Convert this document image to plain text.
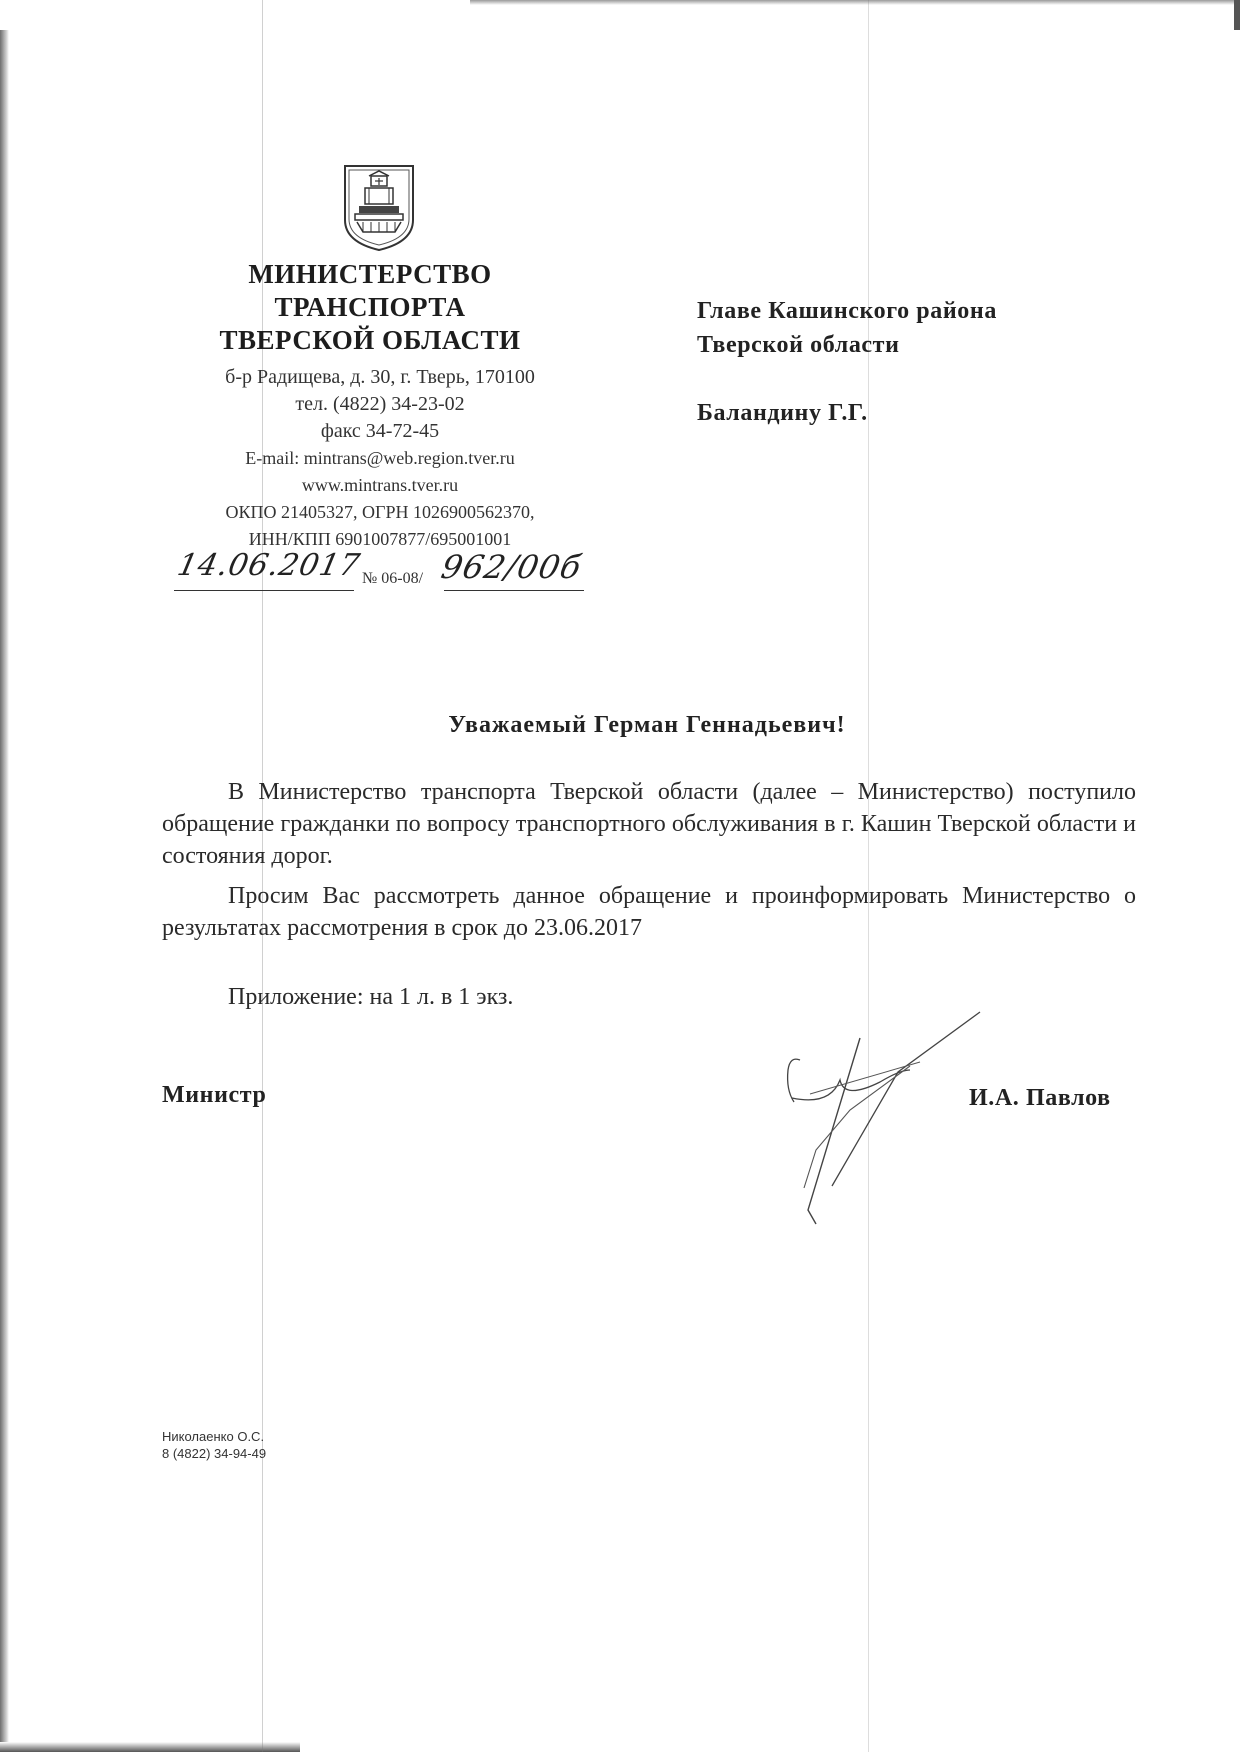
МИНИСТЕРСТВО
ТРАНСПОРТА
ТВЕРСКОЙ ОБЛАСТИ
б-р Радищева, д. 30, г. Тверь, 170100
тел. (4822) 34-23-02
факс 34-72-45
E-mail: mintrans@web.region.tver.ru
www.mintrans.tver.ru
ОКПО 21405327, ОГРН 1026900562370,
ИНН/КПП 6901007877/695001001
14.06.2017
№ 06-08/ 962/00б
Главе Кашинского района
Тверской области
Баландину Г.Г.
Уважаемый Герман Геннадьевич!
В Министерство транспорта Тверской области (далее – Министерство) поступило обращение гражданки по вопросу транспортного обслуживания в г. Кашин Тверской области и состояния дорог.
Просим Вас рассмотреть данное обращение и проинформировать Министерство о результатах рассмотрения в срок до 23.06.2017
Приложение: на 1 л. в 1 экз.
Министр	И.А. Павлов
Николаенко О.С.
8 (4822) 34-94-49
